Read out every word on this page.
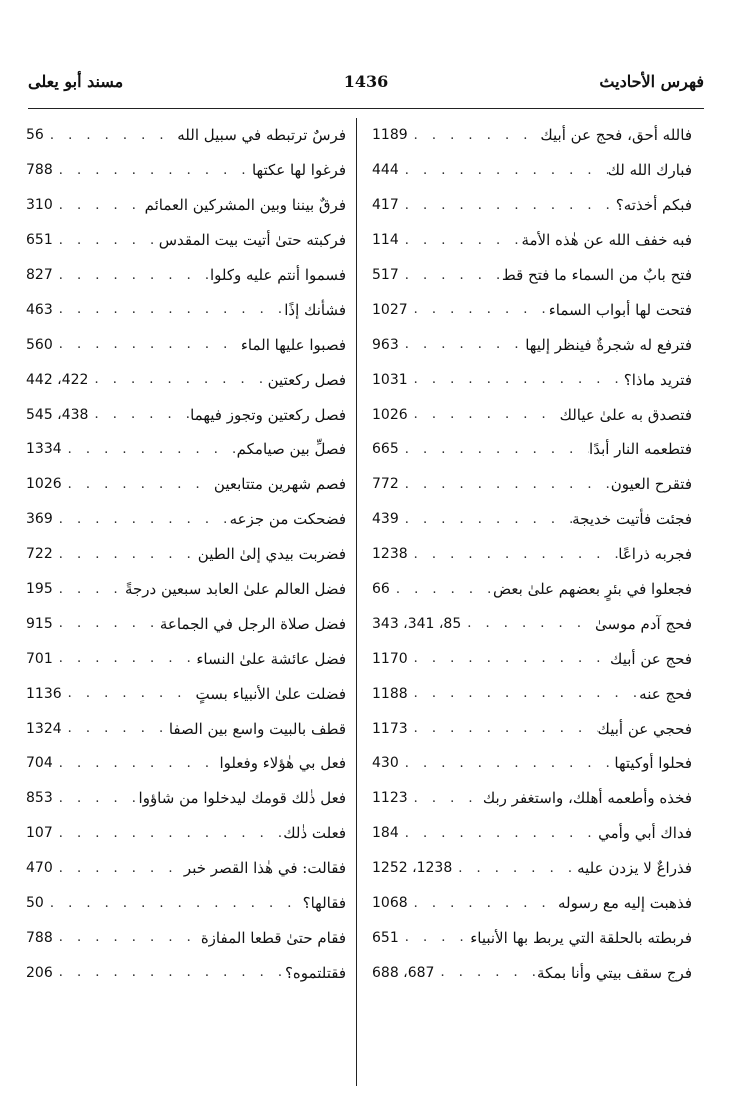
فهرس الأحاديث
1436
مسند أبو يعلى
فالله أحق، فحج عن أبيك
. . .
1189
فبارك الله لك
. . .
444
فبكم أخذته؟
. . .
417
فبه خفف الله عن هٰذه الأمة
. . .
114
فتح بابٌ من السماء ما فتح قط
. . .
517
فتحت لها أبواب السماء
. . .
1027
فترفع له شجرةٌ فينظر إليها
. . .
963
فتريد ماذا؟
. . .
1031
فتصدق به علىٰ عيالك
. . .
1026
فتطعمه النار أبدًا
. . .
665
فتقرح العيون
. . .
772
فجئت فأتيت خديجة
. . .
439
فجربه ذراعًا
. . .
1238
فجعلوا في بئرٍ بعضهم علىٰ بعض
. . .
66
فحج آدم موسىٰ
. . .
85، 341، 343
فحج عن أبيك
. . .
1170
فحج عنه
. . .
1188
فحجي عن أبيك
. . .
1173
فحلوا أوكيتها
. . .
430
فخذه وأطعمه أهلك، واستغفر ربك
. . .
1123
فداك أبي وأمي
. . .
184
فذراعٌ لا يزدن عليه
. . .
1238، 1252
فذهبت إليه مع رسوله
. . .
1068
فربطته بالحلقة التي يربط بها الأنبياء
. . .
651
فرج سقف بيتي وأنا بمكة
. . .
687، 688
فرسٌ ترتبطه في سبيل الله
. . .
56
فرغوا لها عكتها
. . .
788
فرقٌ بيننا وبين المشركين العمائم
. . .
310
فركبته حتىٰ أتيت بيت المقدس
. . .
651
فسموا أنتم عليه وكلوا
. . .
827
فشأنك إذًا
. . .
463
فصبوا عليها الماء
. . .
560
فصل ركعتين
. . .
422، 442
فصل ركعتين وتجوز فيهما
. . .
438، 545
فصلِّ بين صيامكم
. . .
1334
فصم شهرين متتابعين
. . .
1026
فضحكت من جزعه
. . .
369
فضربت بيدي إلىٰ الطين
. . .
722
فضل العالم علىٰ العابد سبعين درجةً
. . .
195
فضل صلاة الرجل في الجماعة
. . .
915
فضل عائشة علىٰ النساء
. . .
701
فضلت علىٰ الأنبياء بستٍ
. . .
1136
قطف بالبيت واسع بين الصفا
. . .
1324
فعل بي هٰؤلاء وفعلوا
. . .
704
فعل ذٰلك قومك ليدخلوا من شاؤوا
. . .
853
فعلت ذٰلك
. . .
107
فقالت: في هٰذا القصر خبر
. . .
470
فقالها؟
. . .
50
فقام حتىٰ قطعا المفازة
. . .
788
فقتلتموه؟
. . .
206
